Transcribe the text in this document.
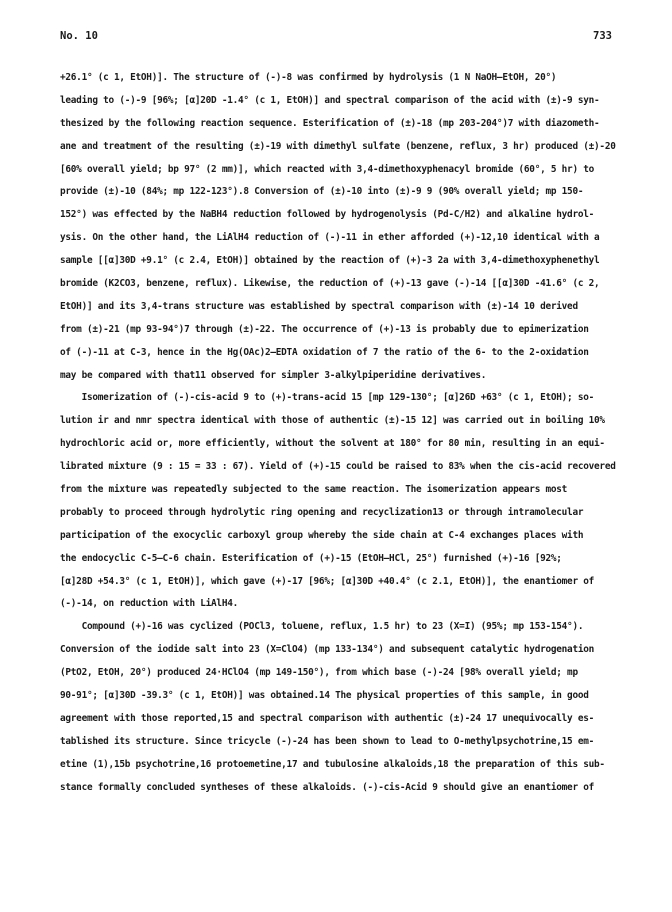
No. 10	733
+26.1° (c 1, EtOH)]. The structure of (-)-8 was confirmed by hydrolysis (1 N NaOH—EtOH, 20°)
leading to (-)-9 [96%; [α]20D -1.4° (c 1, EtOH)] and spectral comparison of the acid with (±)-9 syn-
thesized by the following reaction sequence. Esterification of (±)-18 (mp 203-204°)7 with diazometh-
ane and treatment of the resulting (±)-19 with dimethyl sulfate (benzene, reflux, 3 hr) produced (±)-20
[60% overall yield; bp 97° (2 mm)], which reacted with 3,4-dimethoxyphenacyl bromide (60°, 5 hr) to
provide (±)-10 (84%; mp 122-123°).8 Conversion of (±)-10 into (±)-9 9 (90% overall yield; mp 150-
152°) was effected by the NaBH4 reduction followed by hydrogenolysis (Pd-C/H2) and alkaline hydrol-
ysis. On the other hand, the LiAlH4 reduction of (-)-11 in ether afforded (+)-12,10 identical with a
sample [[α]30D +9.1° (c 2.4, EtOH)] obtained by the reaction of (+)-3 2a with 3,4-dimethoxyphenethyl
bromide (K2CO3, benzene, reflux). Likewise, the reduction of (+)-13 gave (-)-14 [[α]30D -41.6° (c 2,
EtOH)] and its 3,4-trans structure was established by spectral comparison with (±)-14 10 derived
from (±)-21 (mp 93-94°)7 through (±)-22. The occurrence of (+)-13 is probably due to epimerization
of (-)-11 at C-3, hence in the Hg(OAc)2—EDTA oxidation of 7 the ratio of the 6- to the 2-oxidation
may be compared with that11 observed for simpler 3-alkylpiperidine derivatives.
Isomerization of (-)-cis-acid 9 to (+)-trans-acid 15 [mp 129-130°; [α]26D +63° (c 1, EtOH); so-
lution ir and nmr spectra identical with those of authentic (±)-15 12] was carried out in boiling 10%
hydrochloric acid or, more efficiently, without the solvent at 180° for 80 min, resulting in an equi-
librated mixture (9 : 15 = 33 : 67). Yield of (+)-15 could be raised to 83% when the cis-acid recovered
from the mixture was repeatedly subjected to the same reaction. The isomerization appears most
probably to proceed through hydrolytic ring opening and recyclization13 or through intramolecular
participation of the exocyclic carboxyl group whereby the side chain at C-4 exchanges places with
the endocyclic C-5—C-6 chain. Esterification of (+)-15 (EtOH—HCl, 25°) furnished (+)-16 [92%;
[α]28D +54.3° (c 1, EtOH)], which gave (+)-17 [96%; [α]30D +40.4° (c 2.1, EtOH)], the enantiomer of
(-)-14, on reduction with LiAlH4.
Compound (+)-16 was cyclized (POCl3, toluene, reflux, 1.5 hr) to 23 (X=I) (95%; mp 153-154°).
Conversion of the iodide salt into 23 (X=ClO4) (mp 133-134°) and subsequent catalytic hydrogenation
(PtO2, EtOH, 20°) produced 24·HClO4 (mp 149-150°), from which base (-)-24 [98% overall yield; mp
90-91°; [α]30D -39.3° (c 1, EtOH)] was obtained.14 The physical properties of this sample, in good
agreement with those reported,15 and spectral comparison with authentic (±)-24 17 unequivocally es-
tablished its structure. Since tricycle (-)-24 has been shown to lead to O-methylpsychotrine,15 em-
etine (1),15b psychotrine,16 protoemetine,17 and tubulosine alkaloids,18 the preparation of this sub-
stance formally concluded syntheses of these alkaloids. (-)-cis-Acid 9 should give an enantiomer of
